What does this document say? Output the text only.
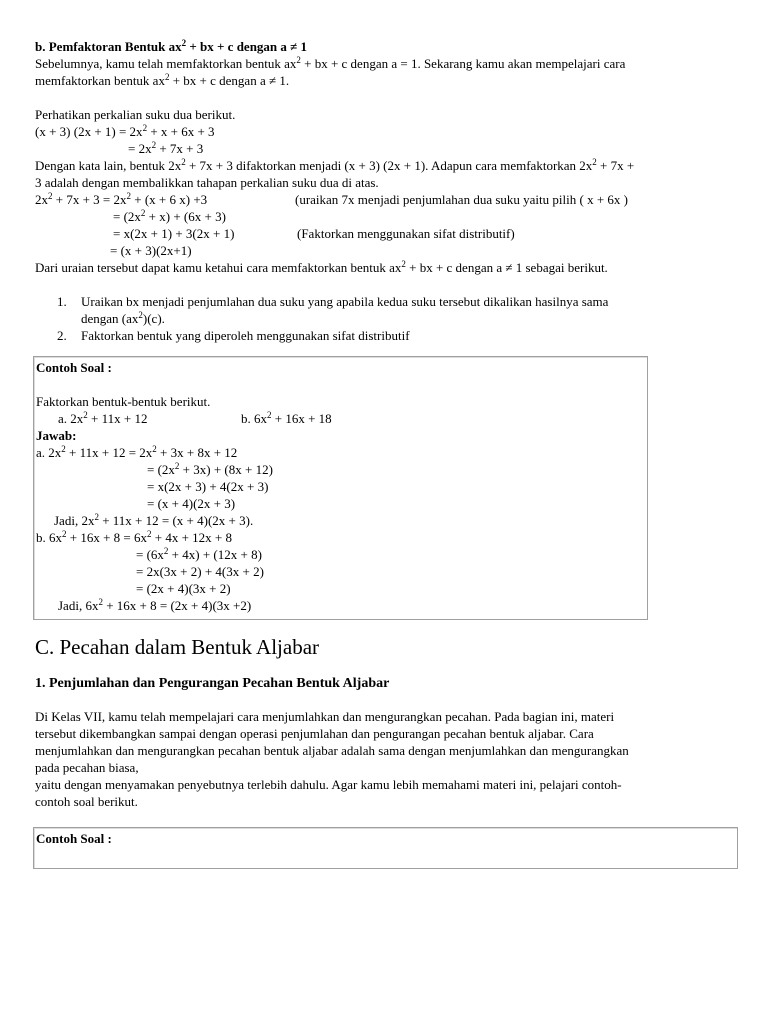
b. Pemfaktoran Bentuk $ax^2$ + bx + c dengan a ≠ 1

Sebelumnya, kamu telah memfaktorkan bentuk $ax^2$ + bx + c dengan a = 1. Sekarang kamu akan mempelajari cara

memfaktorkan bentuk $ax^2$ + bx + c dengan a ≠ 1.

Perhatikan perkalian suku dua berikut.

(x + 3) $(2x + 1) = 2x^2 + x + 6x + 3$

= $2x^2 + 7x + 3$

Dengan kata lain, bentuk $2x^2 + 7x + 3$ difaktorkan menjadi (x + 3) (2x + 1). Adapun cara memfaktorkan $2x^2 + 7x$ +

3 adalah dengan membalikkan tahapan perkalian suku dua di atas.

$2x^2 + 7x + 3 = 2x^2 + (x + 6$ x) +3	(uraikan 7x menjadi penjumlahan dua suku yaitu pilih ( x + 6x )

= $(2x^2 + x) + (6x + 3)$

= x(2x + 1) + 3(2x + 1)	(Faktorkan menggunakan sifat distributif)

= (x + 3)(2x+1)

Dari uraian tersebut dapat kamu ketahui cara memfaktorkan bentuk $ax^2$ + bx + c dengan a ≠ 1 sebagai berikut.

1. Uraikan bx menjadi penjumlahan dua suku yang apabila kedua suku tersebut dikalikan hasilnya sama
dengan $(ax^2)(c)$.
2. Faktorkan bentuk yang diperoleh menggunakan sifat distributif

Contoh Soal :

Faktorkan bentuk-bentuk berikut.

a. $2x^2 + 11x + 12$	b. $6x^2 + 16x + 18$

Jawab:

a. $2x^2 + 11x + 12 = 2x^2 + 3x + 8x + 12$

= $(2x^2 + 3x) + (8x + 12)$

= x(2x + 3) + 4(2x + 3)

= (x + 4)(2x + 3)

Jadi, $2x^2 + 11x + 12 = (x + 4)(2x + 3)$.

b. $6x^2 + 16x + 8 = 6x^2 + 4x + 12x + 8$

= $(6x^2 + 4x) + (12x + 8)$

= 2x(3x + 2) + 4(3x + 2)

= (2x + 4)(3x + 2)

Jadi, $6x^2 + 16x + 8 = (2x + 4)(3x +2)$

C. Pecahan dalam Bentuk Aljabar
1. Penjumlahan dan Pengurangan Pecahan Bentuk Aljabar

Di Kelas VII, kamu telah mempelajari cara menjumlahkan dan mengurangkan pecahan. Pada bagian ini, materi

tersebut dikembangkan sampai dengan operasi penjumlahan dan pengurangan pecahan bentuk aljabar. Cara

menjumlahkan dan mengurangkan pecahan bentuk aljabar adalah sama dengan menjumlahkan dan mengurangkan

pada pecahan biasa,

yaitu dengan menyamakan penyebutnya terlebih dahulu. Agar kamu lebih memahami materi ini, pelajari contoh-

contoh soal berikut.

Contoh Soal :
